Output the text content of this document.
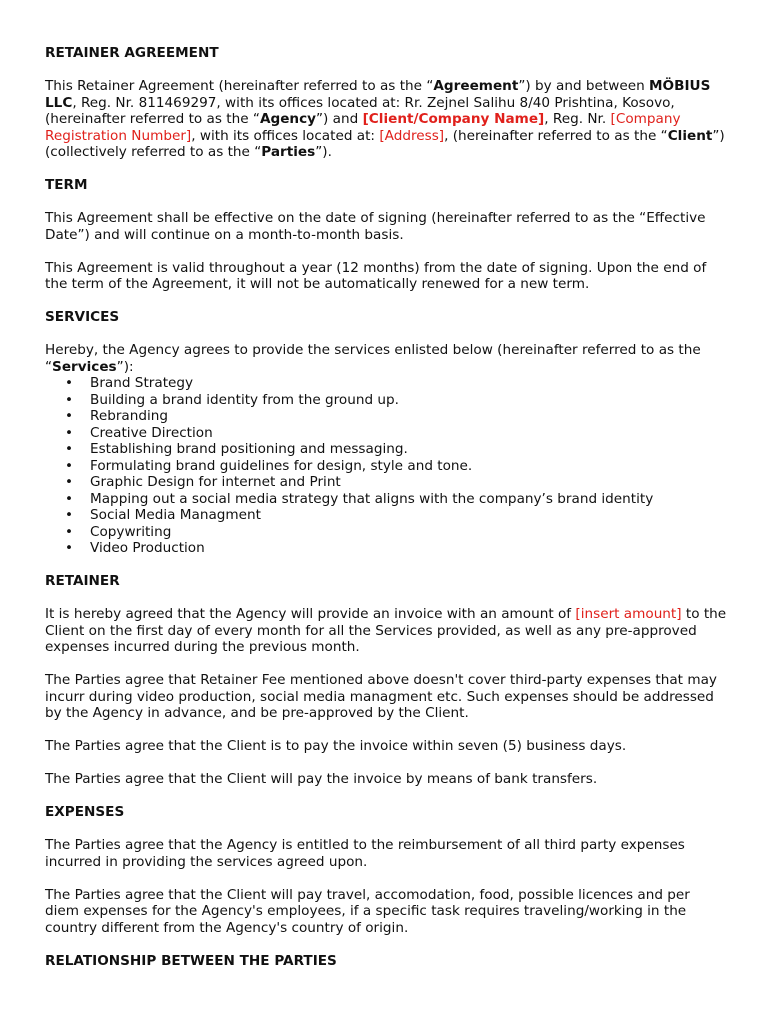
RETAINER AGREEMENT
This Retainer Agreement (hereinafter referred to as the “Agreement”) by and between MÖBIUS LLC, Reg. Nr. 811469297, with its offices located at: Rr. Zejnel Salihu 8/40 Prishtina, Kosovo, (hereinafter referred to as the “Agency”) and [Client/Company Name], Reg. Nr. [Company Registration Number], with its offices located at: [Address], (hereinafter referred to as the “Client”) (collectively referred to as the “Parties”).
TERM
This Agreement shall be effective on the date of signing (hereinafter referred to as the “Effective Date”) and will continue on a month-to-month basis.
This Agreement is valid throughout a year (12 months) from the date of signing. Upon the end of the term of the Agreement, it will not be automatically renewed for a new term.
SERVICES
Hereby, the Agency agrees to provide the services enlisted below (hereinafter referred to as the “Services”):
• Brand Strategy
• Building a brand identity from the ground up.
• Rebranding
• Creative Direction
• Establishing brand positioning and messaging.
• Formulating brand guidelines for design, style and tone.
• Graphic Design for internet and Print
• Mapping out a social media strategy that aligns with the company’s brand identity
• Social Media Managment
• Copywriting
• Video Production
RETAINER
It is hereby agreed that the Agency will provide an invoice with an amount of [insert amount] to the Client on the first day of every month for all the Services provided, as well as any pre-approved expenses incurred during the previous month.
The Parties agree that Retainer Fee mentioned above doesn't cover third-party expenses that may incurr during video production, social media managment etc. Such expenses should be addressed by the Agency in advance, and be pre-approved by the Client.
The Parties agree that the Client is to pay the invoice within seven (5) business days.
The Parties agree that the Client will pay the invoice by means of bank transfers.
EXPENSES
The Parties agree that the Agency is entitled to the reimbursement of all third party expenses incurred in providing the services agreed upon.
The Parties agree that the Client will pay travel, accomodation, food, possible licences and per diem expenses for the Agency's employees, if a specific task requires traveling/working in the country different from the Agency's country of origin.
RELATIONSHIP BETWEEN THE PARTIES
